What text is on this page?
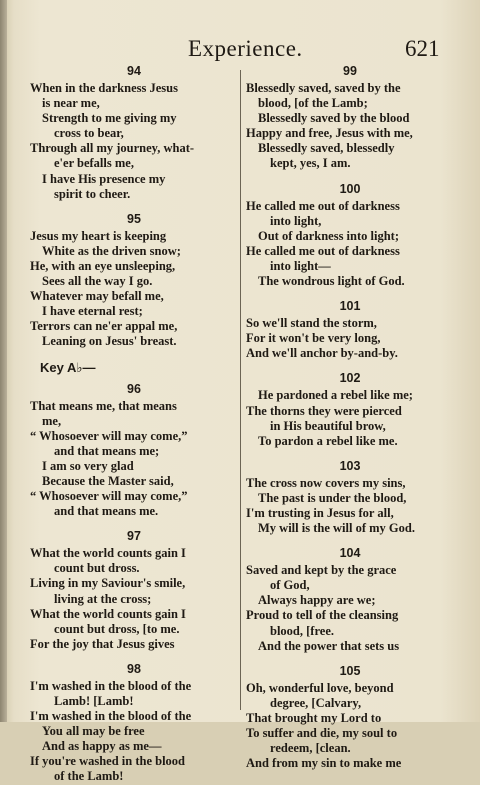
Experience.	621
94
When in the darkness Jesus
is near me,
Strength to me giving my
cross to bear,
Through all my journey, what-
e'er befalls me,
I have His presence my
spirit to cheer.
95
Jesus my heart is keeping
White as the driven snow;
He, with an eye unsleeping,
Sees all the way I go.
Whatever may befall me,
I have eternal rest;
Terrors can ne'er appal me,
Leaning on Jesus' breast.
Key A♭—
96
That means me, that means
me,
“ Whosoever will may come,”
and that means me;
I am so very glad
Because the Master said,
“ Whosoever will may come,”
and that means me.
97
What the world counts gain I
count but dross.
Living in my Saviour's smile,
living at the cross;
What the world counts gain I
count but dross, [to me.
For the joy that Jesus gives
98
I'm washed in the blood of the
Lamb! [Lamb!
I'm washed in the blood of the
You all may be free
And as happy as me—
If you're washed in the blood
of the Lamb!
99
Blessedly saved, saved by the
blood, [of the Lamb;
Blessedly saved by the blood
Happy and free, Jesus with me,
Blessedly saved, blessedly
kept, yes, I am.
100
He called me out of darkness
into light,
Out of darkness into light;
He called me out of darkness
into light—
The wondrous light of God.
101
So we'll stand the storm,
For it won't be very long,
And we'll anchor by-and-by.
102
He pardoned a rebel like me;
The thorns they were pierced
in His beautiful brow,
To pardon a rebel like me.
103
The cross now covers my sins,
The past is under the blood,
I'm trusting in Jesus for all,
My will is the will of my God.
104
Saved and kept by the grace
of God,
Always happy are we;
Proud to tell of the cleansing
blood, [free.
And the power that sets us
105
Oh, wonderful love, beyond
degree, [Calvary,
That brought my Lord to
To suffer and die, my soul to
redeem, [clean.
And from my sin to make me
